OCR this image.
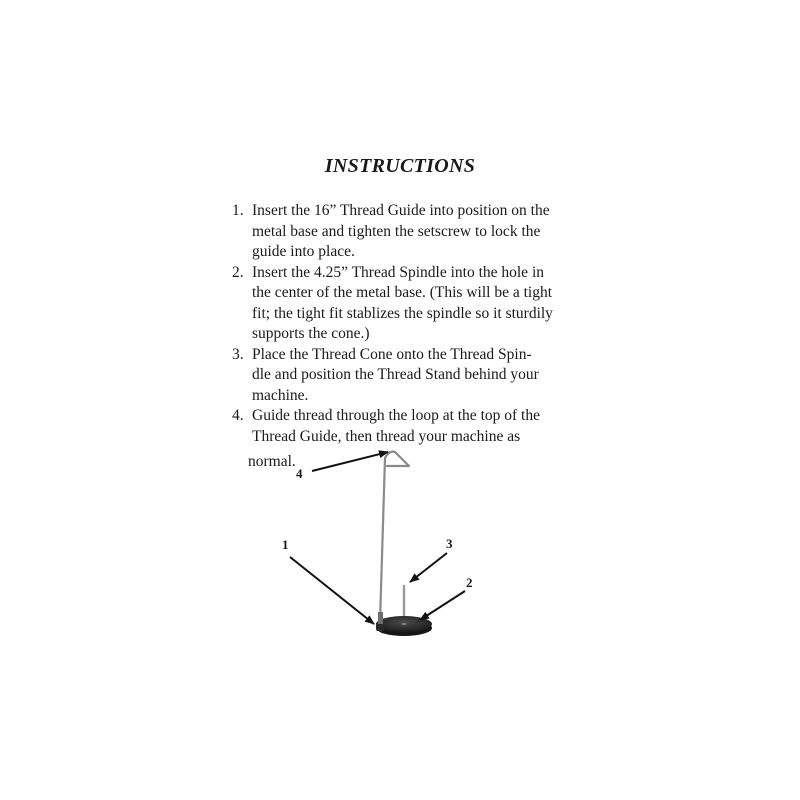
INSTRUCTIONS
1. Insert the 16” Thread Guide into position on the
metal base and tighten the setscrew to lock the
guide into place.
2. Insert the 4.25” Thread Spindle into the hole in
the center of the metal base. (This will be a tight
fit; the tight fit stablizes the spindle so it sturdily
supports the cone.)
3. Place the Thread Cone onto the Thread Spin-
dle and position the Thread Stand behind your
machine.
4. Guide thread through the loop at the top of the
Thread Guide, then thread your machine as
normal.
4
1	3
2
